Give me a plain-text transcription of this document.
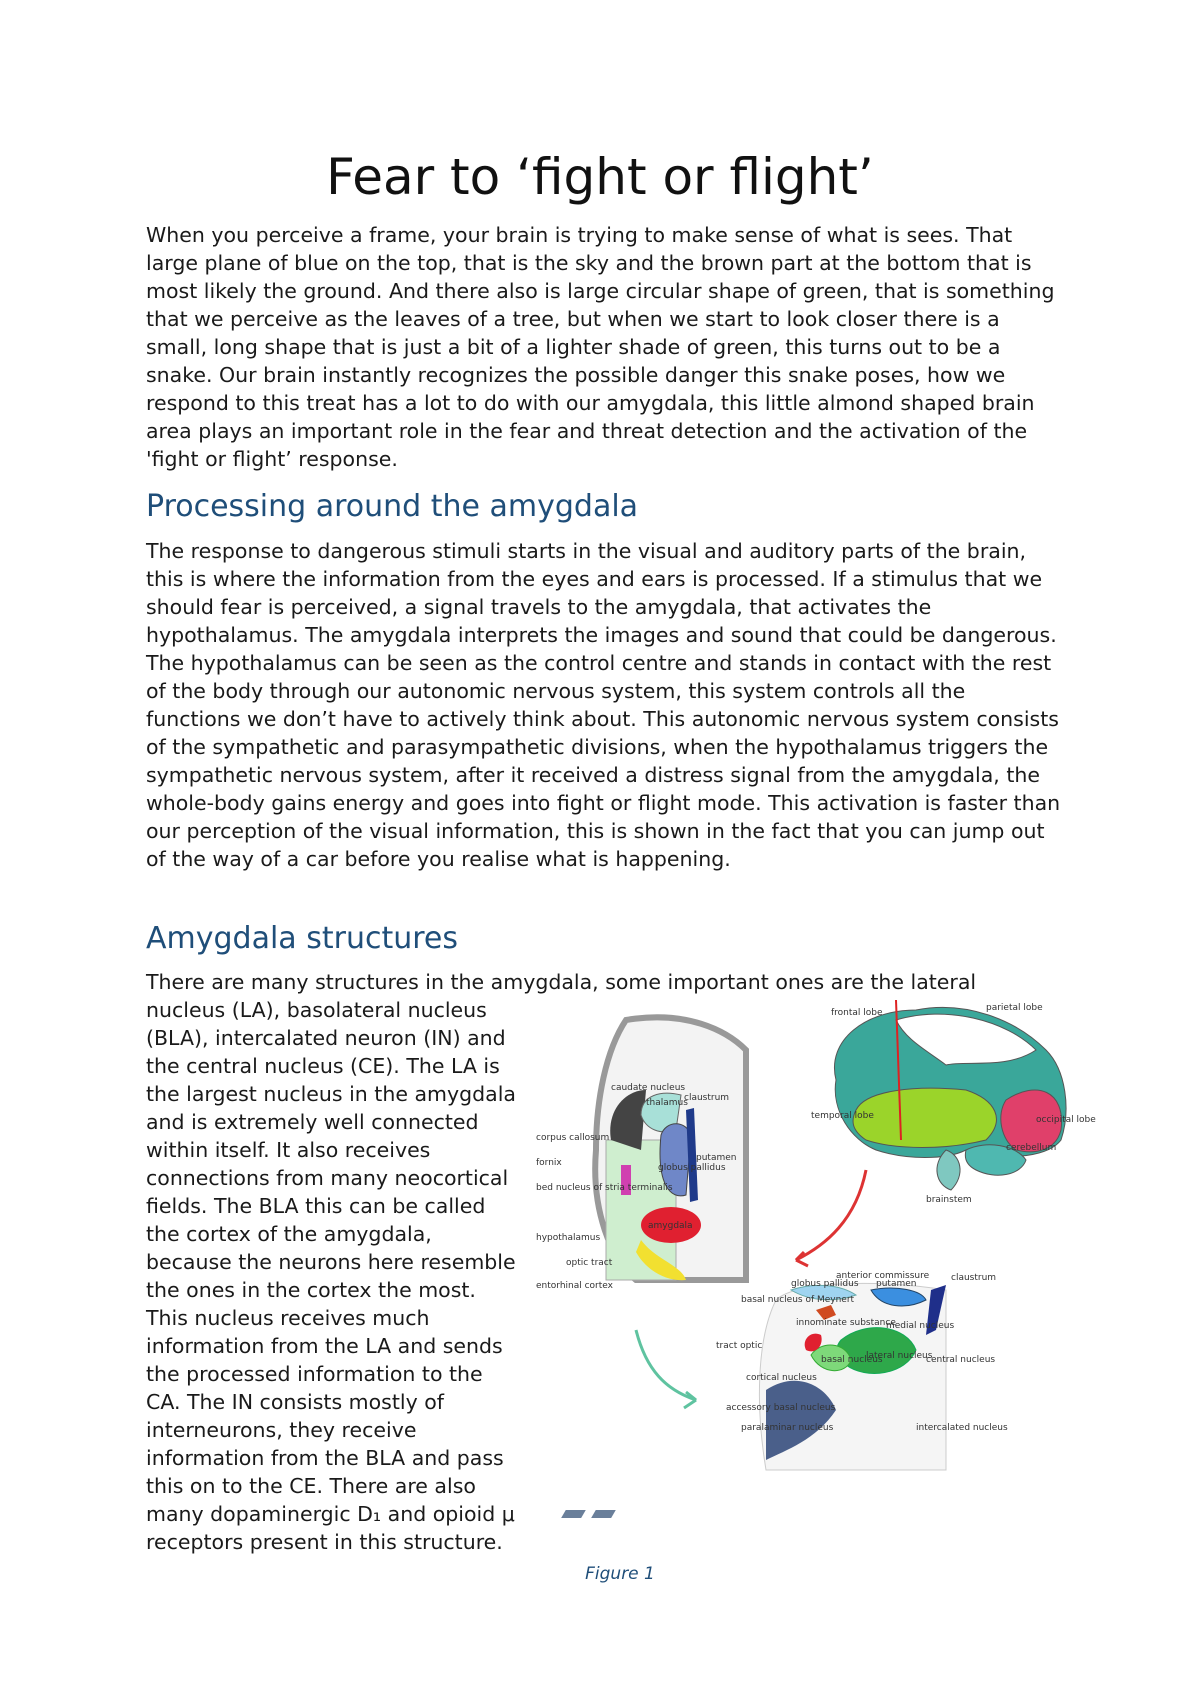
Fear to ‘fight or flight’

When you perceive a frame, your brain is trying to make sense of what is sees. That large plane of blue on the top, that is the sky and the brown part at the bottom that is most likely the ground. And there also is large circular shape of green, that is something that we perceive as the leaves of a tree, but when we start to look closer there is a small, long shape that is just a bit of a lighter shade of green, this turns out to be a snake. Our brain instantly recognizes the possible danger this snake poses, how we respond to this treat has a lot to do with our amygdala, this little almond shaped brain area plays an important role in the fear and threat detection and the activation of the 'fight or flight’ response.

Processing around the amygdala

The response to dangerous stimuli starts in the visual and auditory parts of the brain, this is where the information from the eyes and ears is processed. If a stimulus that we should fear is perceived, a signal travels to the amygdala, that activates the hypothalamus. The amygdala interprets the images and sound that could be dangerous. The hypothalamus can be seen as the control centre and stands in contact with the rest of the body through our autonomic nervous system, this system controls all the functions we don’t have to actively think about. This autonomic nervous system consists of the sympathetic and parasympathetic divisions, when the hypothalamus triggers the sympathetic nervous system, after it received a distress signal from the amygdala, the whole-body gains energy and goes into fight or flight mode. This activation is faster than our perception of the visual information, this is shown in the fact that you can jump out of the way of a car before you realise what is happening.

Amygdala structures

There are many structures in the amygdala, some important ones are the lateral

nucleus (LA), basolateral nucleus
(BLA), intercalated neuron (IN) and
the central nucleus (CE). The LA is
the largest nucleus in the amygdala
and is extremely well connected
within itself. It also receives
connections from many neocortical
fields. The BLA this can be called
the cortex of the amygdala,
because the neurons here resemble
the ones in the cortex the most.
This nucleus receives much
information from the LA and sends
the processed information to the
CA. The IN consists mostly of
interneurons, they receive
information from the BLA and pass
this on to the CE. There are also
many dopaminergic D₁ and opioid μ
receptors present in this structure.
frontal lobe	parietal lobe
temporal lobe	occipital lobe
cerebellum
brainstem
caudate nucleus
thalamus
claustrum
corpus callosum
fornix
bed nucleus of stria terminalis
globus pallidus
putamen
hypothalamus
amygdala
optic tract
entorhinal cortex
anterior commissure
globus pallidus putamen
claustrum
basal nucleus of Meynert
innominate substance
medial nucleus
tract optic
cortical nucleus
basal nucleus
lateral nucleus
central nucleus
accessory basal nucleus
paralaminar nucleus	intercalated nucleus
Figure 1
